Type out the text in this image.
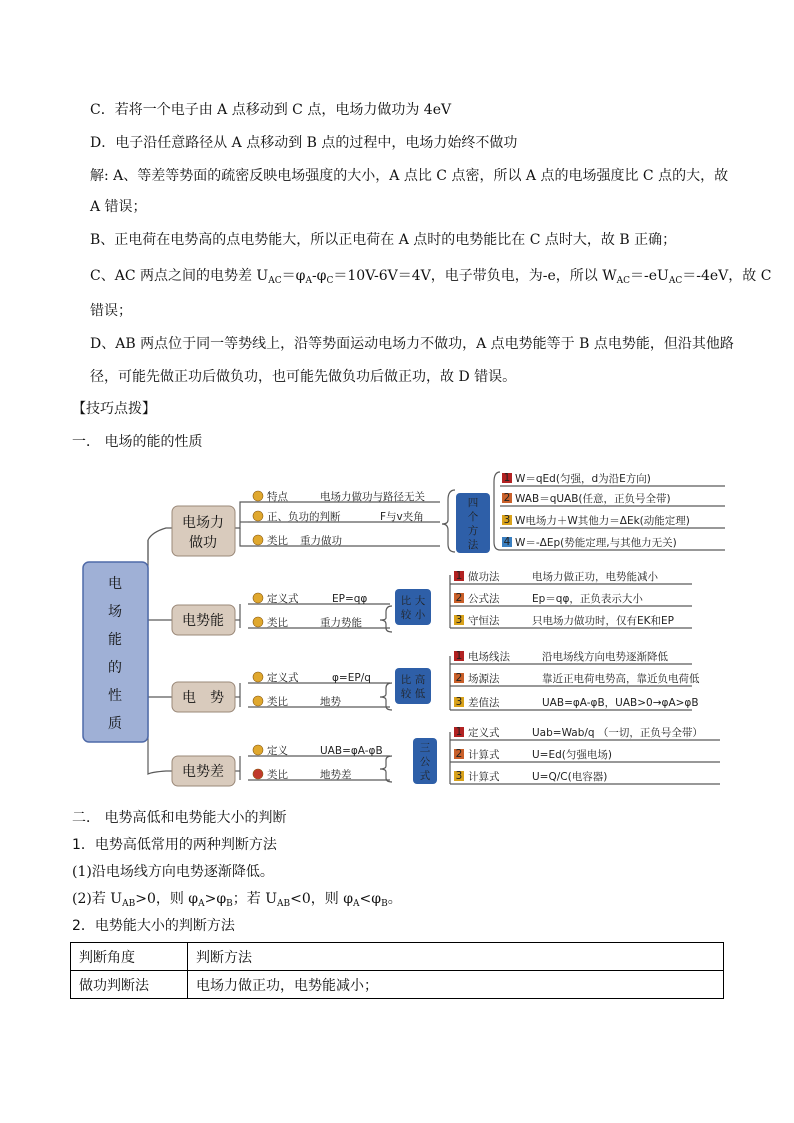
C．若将一个电子由 A 点移动到 C 点，电场力做功为 4eV
D．电子沿任意路径从 A 点移动到 B 点的过程中，电场力始终不做功
解: A、等差等势面的疏密反映电场强度的大小，A 点比 C 点密，所以 A 点的电场强度比 C 点的大，故
A 错误；
B、正电荷在电势高的点电势能大，所以正电荷在 A 点时的电势能比在 C 点时大，故 B 正确；
C、AC 两点之间的电势差 $U_{AC}=\varphi_A-\varphi_C=10V-6V=4V$，电子带负电，为-e，所以 $W_{AC}=-eU_{AC}=-4eV$，故 C
错误；
D、AB 两点位于同一等势线上，沿等势面运动电场力不做功，A 点电势能等于 B 点电势能，但沿其他路
径，可能先做正功后做负功，也可能先做负功后做正功，故 D 错误。
【技巧点拨】
一． 电场的能的性质
电场力
做功
电势能
电　势
电势差
特点	电场力做功与路径无关
正、负功的判断	F与v夹角
类比 重力做功
定义式	EP=qφ
类比	重力势能
定义式	φ=EP/q
类比	地势
定义	UAB=φA-φB
类比	地势差
四
个
方
法
比
较
大
小
比
较
高
低
三
公
式
1 W＝qEd(匀强，d为沿E方向)
2 WAB＝qUAB(任意，正负号全带)
3 W电场力＋W其他力＝ΔEk(动能定理)
4 W＝-ΔEp(势能定理,与其他力无关)
1 做功法	电场力做正功，电势能减小
2 公式法	Ep＝qφ，正负表示大小
3 守恒法	只电场力做功时，仅有EK和EP
1 电场线法	沿电场线方向电势逐渐降低
2 场源法	靠近正电荷电势高，靠近负电荷低
3 差值法	UAB=φA-φB，UAB>0→φA>φB
1 定义式	Uab=Wab/q （一切，正负号全带）
2 计算式	U=Ed(匀强电场)
3 计算式	U=Q/C(电容器)
电
场
能
的
性
质
二． 电势高低和电势能大小的判断
1．电势高低常用的两种判断方法
(1)沿电场线方向电势逐渐降低。
(2)若 $U_{AB}>0$，则 $\varphi_A>\varphi_B$；若 $U_{AB}<0$，则 $\varphi_A<\varphi_B$。
2．电势能大小的判断方法
判断角度	判断方法
做功判断法	电场力做正功，电势能减小；
